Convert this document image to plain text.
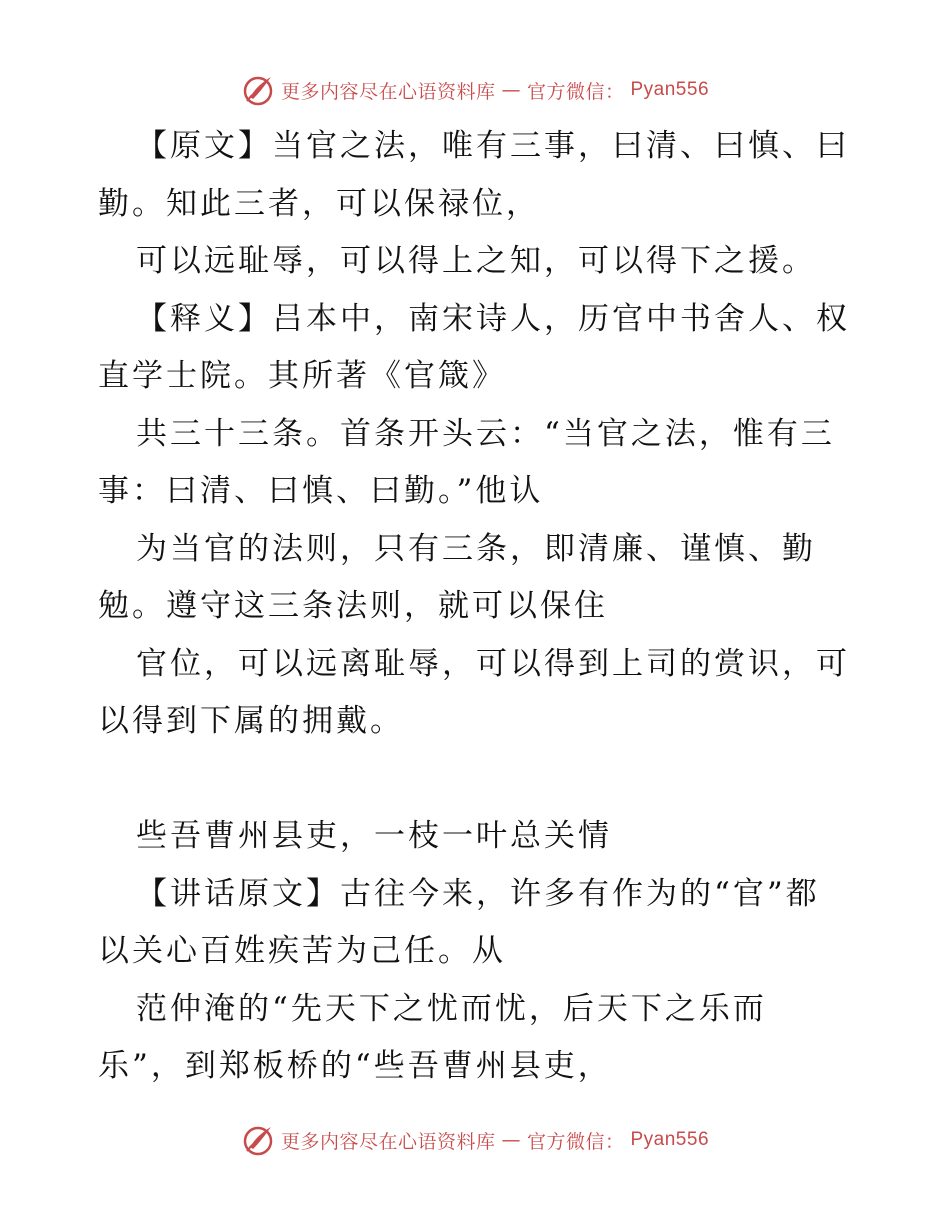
更多内容尽在心语资料库 — 官方微信： Pyan556
【原文】当官之法，唯有三事，曰清、曰慎、曰
勤。知此三者，可以保禄位，
可以远耻辱，可以得上之知，可以得下之援。
【释义】吕本中，南宋诗人，历官中书舍人、权
直学士院。其所著《官箴》
共三十三条。首条开头云：“当官之法，惟有三
事：曰清、曰慎、曰勤。”他认
为当官的法则，只有三条，即清廉、谨慎、勤
勉。遵守这三条法则，就可以保住
官位，可以远离耻辱，可以得到上司的赏识，可
以得到下属的拥戴。
些吾曹州县吏，一枝一叶总关情
【讲话原文】古往今来，许多有作为的“官”都
以关心百姓疾苦为己任。从
范仲淹的“先天下之忧而忧，后天下之乐而
乐”，到郑板桥的“些吾曹州县吏，
更多内容尽在心语资料库 — 官方微信： Pyan556
